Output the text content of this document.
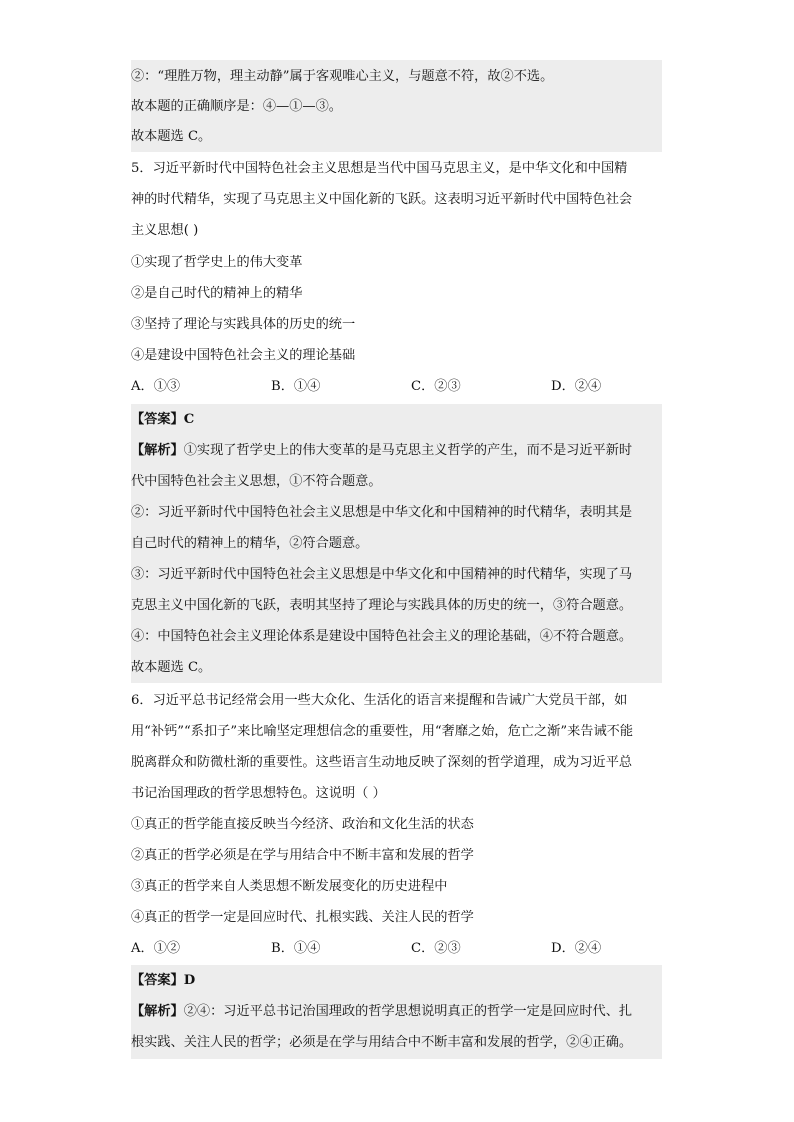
②：“理胜万物，理主动静”属于客观唯心主义，与题意不符，故②不选。
故本题的正确顺序是：④—①—③。
故本题选 C。
5．习近平新时代中国特色社会主义思想是当代中国马克思主义，是中华文化和中国精
神的时代精华，实现了马克思主义中国化新的飞跃。这表明习近平新时代中国特色社会
主义思想( )
①实现了哲学史上的伟大变革
②是自己时代的精神上的精华
③坚持了理论与实践具体的历史的统一
④是建设中国特色社会主义的理论基础
A．①③	B．①④	C．②③	D．②④
【答案】C
【解析】①实现了哲学史上的伟大变革的是马克思主义哲学的产生，而不是习近平新时
代中国特色社会主义思想，①不符合题意。
②：习近平新时代中国特色社会主义思想是中华文化和中国精神的时代精华，表明其是
自己时代的精神上的精华，②符合题意。
③：习近平新时代中国特色社会主义思想是中华文化和中国精神的时代精华，实现了马
克思主义中国化新的飞跃，表明其坚持了理论与实践具体的历史的统一，③符合题意。
④：中国特色社会主义理论体系是建设中国特色社会主义的理论基础，④不符合题意。
故本题选 C。
6．习近平总书记经常会用一些大众化、生活化的语言来提醒和告诫广大党员干部，如
用“补钙”“系扣子”来比喻坚定理想信念的重要性，用“奢靡之始，危亡之渐”来告诫不能
脱离群众和防微杜渐的重要性。这些语言生动地反映了深刻的哲学道理，成为习近平总
书记治国理政的哲学思想特色。这说明（ ）
①真正的哲学能直接反映当今经济、政治和文化生活的状态
②真正的哲学必须是在学与用结合中不断丰富和发展的哲学
③真正的哲学来自人类思想不断发展变化的历史进程中
④真正的哲学一定是回应时代、扎根实践、关注人民的哲学
A．①②	B．①④	C．②③	D．②④
【答案】D
【解析】②④：习近平总书记治国理政的哲学思想说明真正的哲学一定是回应时代、扎
根实践、关注人民的哲学；必须是在学与用结合中不断丰富和发展的哲学，②④正确。
